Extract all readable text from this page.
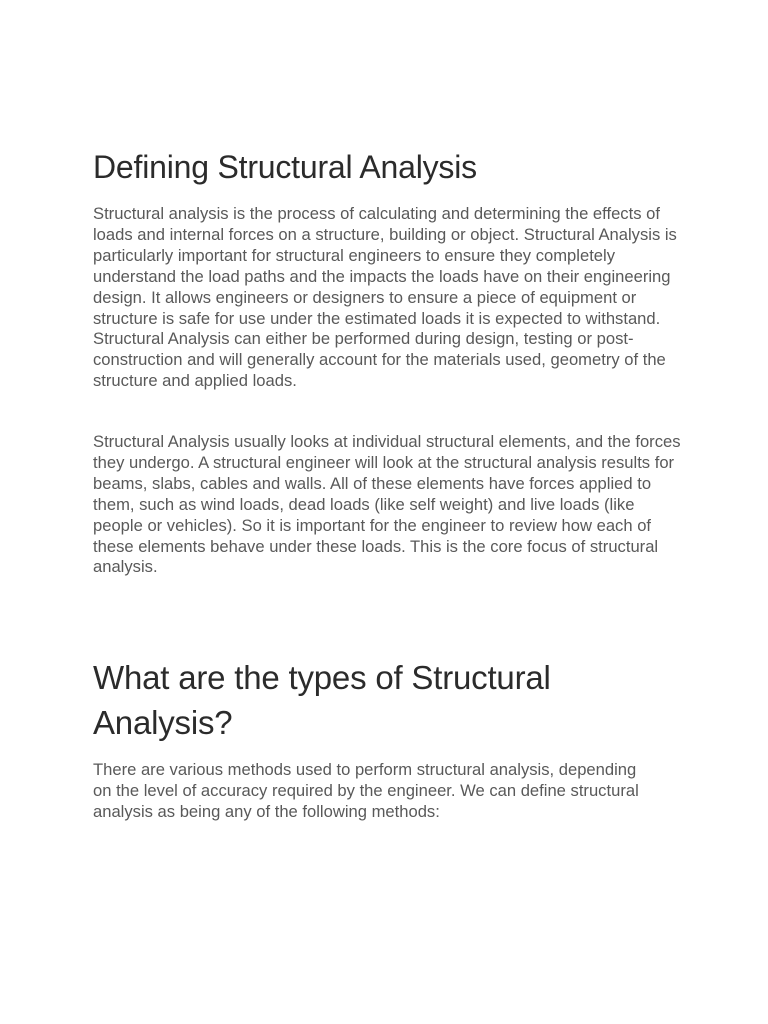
Defining Structural Analysis

Structural analysis is the process of calculating and determining the effects of loads and internal forces on a structure, building or object. Structural Analysis is particularly important for structural engineers to ensure they completely understand the load paths and the impacts the loads have on their engineering design. It allows engineers or designers to ensure a piece of equipment or structure is safe for use under the estimated loads it is expected to withstand. Structural Analysis can either be performed during design, testing or post-construction and will generally account for the materials used, geometry of the structure and applied loads.

Structural Analysis usually looks at individual structural elements, and the forces they undergo. A structural engineer will look at the structural analysis results for beams, slabs, cables and walls. All of these elements have forces applied to them, such as wind loads, dead loads (like self weight) and live loads (like people or vehicles). So it is important for the engineer to review how each of these elements behave under these loads. This is the core focus of structural analysis.

What are the types of Structural Analysis?

There are various methods used to perform structural analysis, depending on the level of accuracy required by the engineer. We can define structural analysis as being any of the following methods:
